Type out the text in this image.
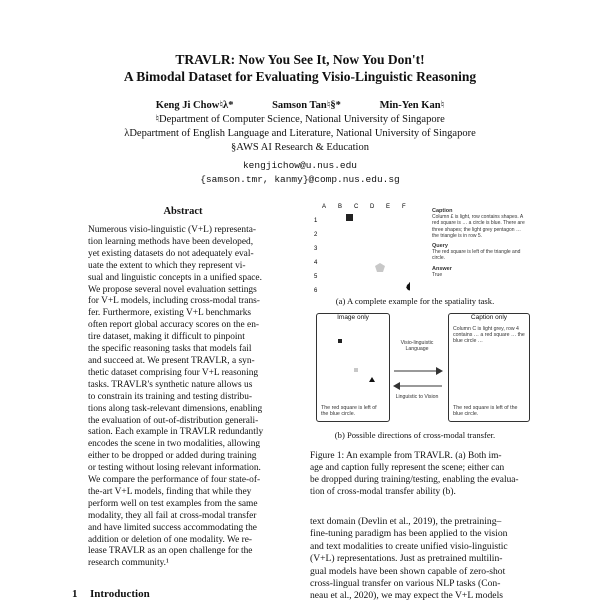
TRAVLR: Now You See It, Now You Don't!
A Bimodal Dataset for Evaluating Visio-Linguistic Reasoning
Keng Ji Chow♮λ*	Samson Tan♮§*	Min-Yen Kan♮
♮Department of Computer Science, National University of Singapore
λDepartment of English Language and Literature, National University of Singapore
§AWS AI Research & Education
kengjichow@u.nus.edu
{samson.tmr, kanmy}@comp.nus.edu.sg
Abstract
Numerous visio-linguistic (V+L) representa-
tion learning methods have been developed,
yet existing datasets do not adequately eval-
uate the extent to which they represent vi-
sual and linguistic concepts in a unified space.
We propose several novel evaluation settings
for V+L models, including cross-modal trans-
fer. Furthermore, existing V+L benchmarks
often report global accuracy scores on the en-
tire dataset, making it difficult to pinpoint
the specific reasoning tasks that models fail
and succeed at. We present TRAVLR, a syn-
thetic dataset comprising four V+L reasoning
tasks. TRAVLR's synthetic nature allows us
to constrain its training and testing distribu-
tions along task-relevant dimensions, enabling
the evaluation of out-of-distribution generali-
sation. Each example in TRAVLR redundantly
encodes the scene in two modalities, allowing
either to be dropped or added during training
or testing without losing relevant information.
We compare the performance of four state-of-
the-art V+L models, finding that while they
perform well on test examples from the same
modality, they all fail at cross-modal transfer
and have limited success accommodating the
addition or deletion of one modality. We re-
lease TRAVLR as an open challenge for the
research community.¹
1 Introduction
A B C D E F
1
2
3
4
5
6
Caption
Column £ is light, row contains shapes. A red square is … a circle is blue. There are three shapes; the light grey pentagon … the triangle is in row 5.
Query
The red square is left of the triangle and circle.
Answer
True
(a) A complete example for the spatiality task.
Image only
The red square is left of the blue circle.
Visio-linguistic Language
Linguistic to Vision
Caption only
Column C is light grey, row 4 contains … a red square … the blue circle …
The red square is left of the blue circle.
(b) Possible directions of cross-modal transfer.
Figure 1: An example from TRAVLR. (a) Both im-
age and caption fully represent the scene; either can
be dropped during training/testing, enabling the evalua-
tion of cross-modal transfer ability (b).
text domain (Devlin et al., 2019), the pretraining–
fine-tuning paradigm has been applied to the vision
and text modalities to create unified visio-linguistic
(V+L) representations. Just as pretrained multilin-
gual models have been shown capable of zero-shot
cross-lingual transfer on various NLP tasks (Con-
neau et al., 2020), we may expect the V+L models
